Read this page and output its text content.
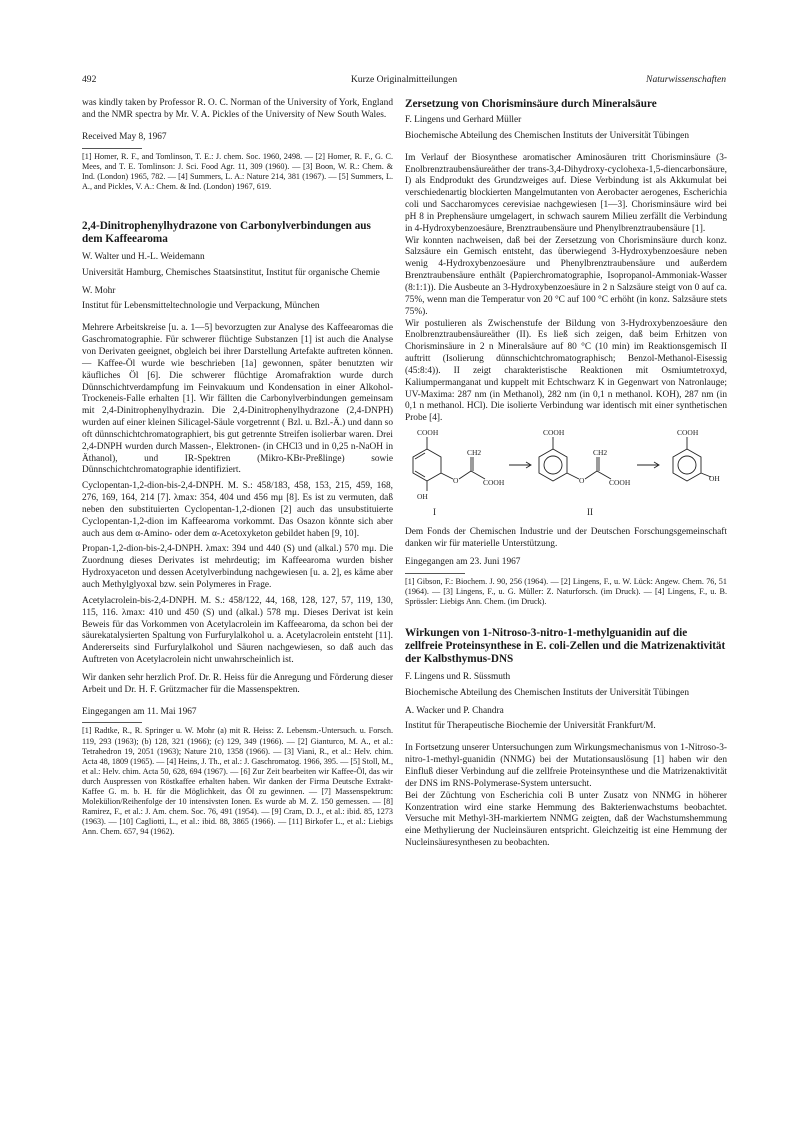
492	Kurze Originalmitteilungen	Naturwissenschaften

was kindly taken by Professor R. O. C. Norman of the University of York, England and the NMR spectra by Mr. V. A. Pickles of the University of New South Wales.

Received May 8, 1967

[1] Homer, R. F., and Tomlinson, T. E.: J. chem. Soc. 1960, 2498. — [2] Homer, R. F., G. C. Mees, and T. E. Tomlinson: J. Sci. Food Agr. 11, 309 (1960). — [3] Boon, W. R.: Chem. & Ind. (London) 1965, 782. — [4] Summers, L. A.: Nature 214, 381 (1967). — [5] Summers, L. A., and Pickles, V. A.: Chem. & Ind. (London) 1967, 619.

2,4-Dinitrophenylhydrazone von Carbonylverbindungen aus dem Kaffeearoma

W. Walter und H.-L. Weidemann

Universität Hamburg, Chemisches Staatsinstitut, Institut für organische Chemie

W. Mohr

Institut für Lebensmitteltechnologie und Verpackung, München

Mehrere Arbeitskreise [u. a. 1—5] bevorzugten zur Analyse des Kaffeearomas die Gaschromatographie. Für schwerer flüchtige Substanzen [1] ist auch die Analyse von Derivaten geeignet, obgleich bei ihrer Darstellung Artefakte auftreten können. — Kaffee-Öl wurde wie beschrieben [1a] gewonnen, später benutzten wir käufliches Öl [6]. Die schwerer flüchtige Aromafraktion wurde durch Dünnschichtverdampfung im Feinvakuum und Kondensation in einer Alkohol-Trockeneis-Falle erhalten [1]. Wir fällten die Carbonylverbindungen gemeinsam mit 2,4-Dinitrophenylhydrazin. Die 2,4-Dinitrophenylhydrazone (2,4-DNPH) wurden auf einer kleinen Silicagel-Säule vorgetrennt ( Bzl. u. Bzl.-Ä.) und dann so oft dünnschichtchromatographiert, bis gut getrennte Streifen isolierbar waren. Drei 2,4-DNPH wurden durch Massen-, Elektronen- (in CHCl3 und in 0,25 n-NaOH in Äthanol), und IR-Spektren (Mikro-KBr-Preßlinge) sowie Dünnschichtchromatographie identifiziert.

Cyclopentan-1,2-dion-bis-2,4-DNPH. M. S.: 458/183, 458, 153, 215, 459, 168, 276, 169, 164, 214 [7]. λmax: 354, 404 und 456 mμ [8]. Es ist zu vermuten, daß neben den substituierten Cyclopentan-1,2-dionen [2] auch das unsubstituierte Cyclopentan-1,2-dion im Kaffeearoma vorkommt. Das Osazon könnte sich aber auch aus dem α-Amino- oder dem α-Acetoxyketon gebildet haben [9, 10].

Propan-1,2-dion-bis-2,4-DNPH. λmax: 394 und 440 (S) und (alkal.) 570 mμ. Die Zuordnung dieses Derivates ist mehrdeutig; im Kaffeearoma wurden bisher Hydroxyaceton und dessen Acetylverbindung nachgewiesen [u. a. 2], es käme aber auch Methylglyoxal bzw. sein Polymeres in Frage.

Acetylacrolein-bis-2,4-DNPH. M. S.: 458/122, 44, 168, 128, 127, 57, 119, 130, 115, 116. λmax: 410 und 450 (S) und (alkal.) 578 mμ. Dieses Derivat ist kein Beweis für das Vorkommen von Acetylacrolein im Kaffeearoma, da schon bei der säurekatalysierten Spaltung von Furfurylalkohol u. a. Acetylacrolein entsteht [11]. Andererseits sind Furfurylalkohol und Säuren nachgewiesen, so daß auch das Auftreten von Acetylacrolein nicht unwahrscheinlich ist.

Wir danken sehr herzlich Prof. Dr. R. Heiss für die Anregung und Förderung dieser Arbeit und Dr. H. F. Grützmacher für die Massenspektren.

Eingegangen am 11. Mai 1967

[1] Radtke, R., R. Springer u. W. Mohr (a) mit R. Heiss: Z. Lebensm.-Untersuch. u. Forsch. 119, 293 (1963); (b) 128, 321 (1966); (c) 129, 349 (1966). — [2] Gianturco, M. A., et al.: Tetrahedron 19, 2051 (1963); Nature 210, 1358 (1966). — [3] Viani, R., et al.: Helv. chim. Acta 48, 1809 (1965). — [4] Heins, J. Th., et al.: J. Gaschromatog. 1966, 395. — [5] Stoll, M., et al.: Helv. chim. Acta 50, 628, 694 (1967). — [6] Zur Zeit bearbeiten wir Kaffee-Öl, das wir durch Auspressen von Röstkaffee erhalten haben. Wir danken der Firma Deutsche Extrakt-Kaffee G. m. b. H. für die Möglichkeit, das Öl zu gewinnen. — [7] Massenspektrum: Molekülion/Reihenfolge der 10 intensivsten Ionen. Es wurde ab M. Z. 150 gemessen. — [8] Ramirez, F., et al.: J. Am. chem. Soc. 76, 491 (1954). — [9] Cram, D. J., et al.: ibid. 85, 1273 (1963). — [10] Cagliotti, L., et al.: ibid. 88, 3865 (1966). — [11] Birkofer L., et al.: Liebigs Ann. Chem. 657, 94 (1962).

Zersetzung von Chorisminsäure durch Mineralsäure

F. Lingens und Gerhard Müller

Biochemische Abteilung des Chemischen Instituts der Universität Tübingen

Im Verlauf der Biosynthese aromatischer Aminosäuren tritt Chorisminsäure (3-Enolbrenztraubensäureäther der trans-3,4-Dihydroxy-cyclohexa-1,5-diencarbonsäure, I) als Endprodukt des Grundzweiges auf. Diese Verbindung ist als Akkumulat bei verschiedenartig blockierten Mangelmutanten von Aerobacter aerogenes, Escherichia coli und Saccharomyces cerevisiae nachgewiesen [1—3]. Chorisminsäure wird bei pH 8 in Prephensäure umgelagert, in schwach saurem Milieu zerfällt die Verbindung in 4-Hydroxybenzoesäure, Brenztraubensäure und Phenylbrenztraubensäure [1].

Wir konnten nachweisen, daß bei der Zersetzung von Chorisminsäure durch konz. Salzsäure ein Gemisch entsteht, das überwiegend 3-Hydroxybenzoesäure neben wenig 4-Hydroxybenzoesäure und Phenylbrenztraubensäure und außerdem Brenztraubensäure enthält (Papierchromatographie, Isopropanol-Ammoniak-Wasser (8:1:1)). Die Ausbeute an 3-Hydroxybenzoesäure in 2 n Salzsäure steigt von 0 auf ca. 75%, wenn man die Temperatur von 20 °C auf 100 °C erhöht (in konz. Salzsäure stets 75%).

Wir postulieren als Zwischenstufe der Bildung von 3-Hydroxybenzoesäure den Enolbrenztraubensäureäther (II). Es ließ sich zeigen, daß beim Erhitzen von Chorisminsäure in 2 n Mineralsäure auf 80 °C (10 min) im Reaktionsgemisch II auftritt (Isolierung dünnschichtchromatographisch; Benzol-Methanol-Eisessig (45:8:4)). II zeigt charakteristische Reaktionen mit Osmiumtetroxyd, Kaliumpermanganat und kuppelt mit Echtschwarz K in Gegenwart von Natronlauge; UV-Maxima: 287 nm (in Methanol), 282 nm (in 0,1 n methanol. KOH), 287 nm (in 0,1 n methanol. HCl). Die isolierte Verbindung war identisch mit einer synthetischen Probe [4].

COOH
OH
O
CH2
COOH
COOH
O
CH2
COOH
COOH
OH
I	II

Dem Fonds der Chemischen Industrie und der Deutschen Forschungsgemeinschaft danken wir für materielle Unterstützung.

Eingegangen am 23. Juni 1967

[1] Gibson, F.: Biochem. J. 90, 256 (1964). — [2] Lingens, F., u. W. Lück: Angew. Chem. 76, 51 (1964). — [3] Lingens, F., u. G. Müller: Z. Naturforsch. (im Druck). — [4] Lingens, F., u. B. Sprössler: Liebigs Ann. Chem. (im Druck).

Wirkungen von 1-Nitroso-3-nitro-1-methylguanidin auf die zellfreie Proteinsynthese in E. coli-Zellen und die Matrizenaktivität der Kalbsthymus-DNS

F. Lingens und R. Süssmuth

Biochemische Abteilung des Chemischen Instituts der Universität Tübingen

A. Wacker und P. Chandra

Institut für Therapeutische Biochemie der Universität Frankfurt/M.

In Fortsetzung unserer Untersuchungen zum Wirkungsmechanismus von 1-Nitroso-3-nitro-1-methyl-guanidin (NNMG) bei der Mutationsauslösung [1] haben wir den Einfluß dieser Verbindung auf die zellfreie Proteinsynthese und die Matrizenaktivität der DNS im RNS-Polymerase-System untersucht.

Bei der Züchtung von Escherichia coli B unter Zusatz von NNMG in höherer Konzentration wird eine starke Hemmung des Bakterienwachstums beobachtet. Versuche mit Methyl-3H-markiertem NNMG zeigten, daß der Wachstumshemmung eine Methylierung der Nucleinsäuren entspricht. Gleichzeitig ist eine Hemmung der Nucleinsäuresynthesen zu beobachten.
